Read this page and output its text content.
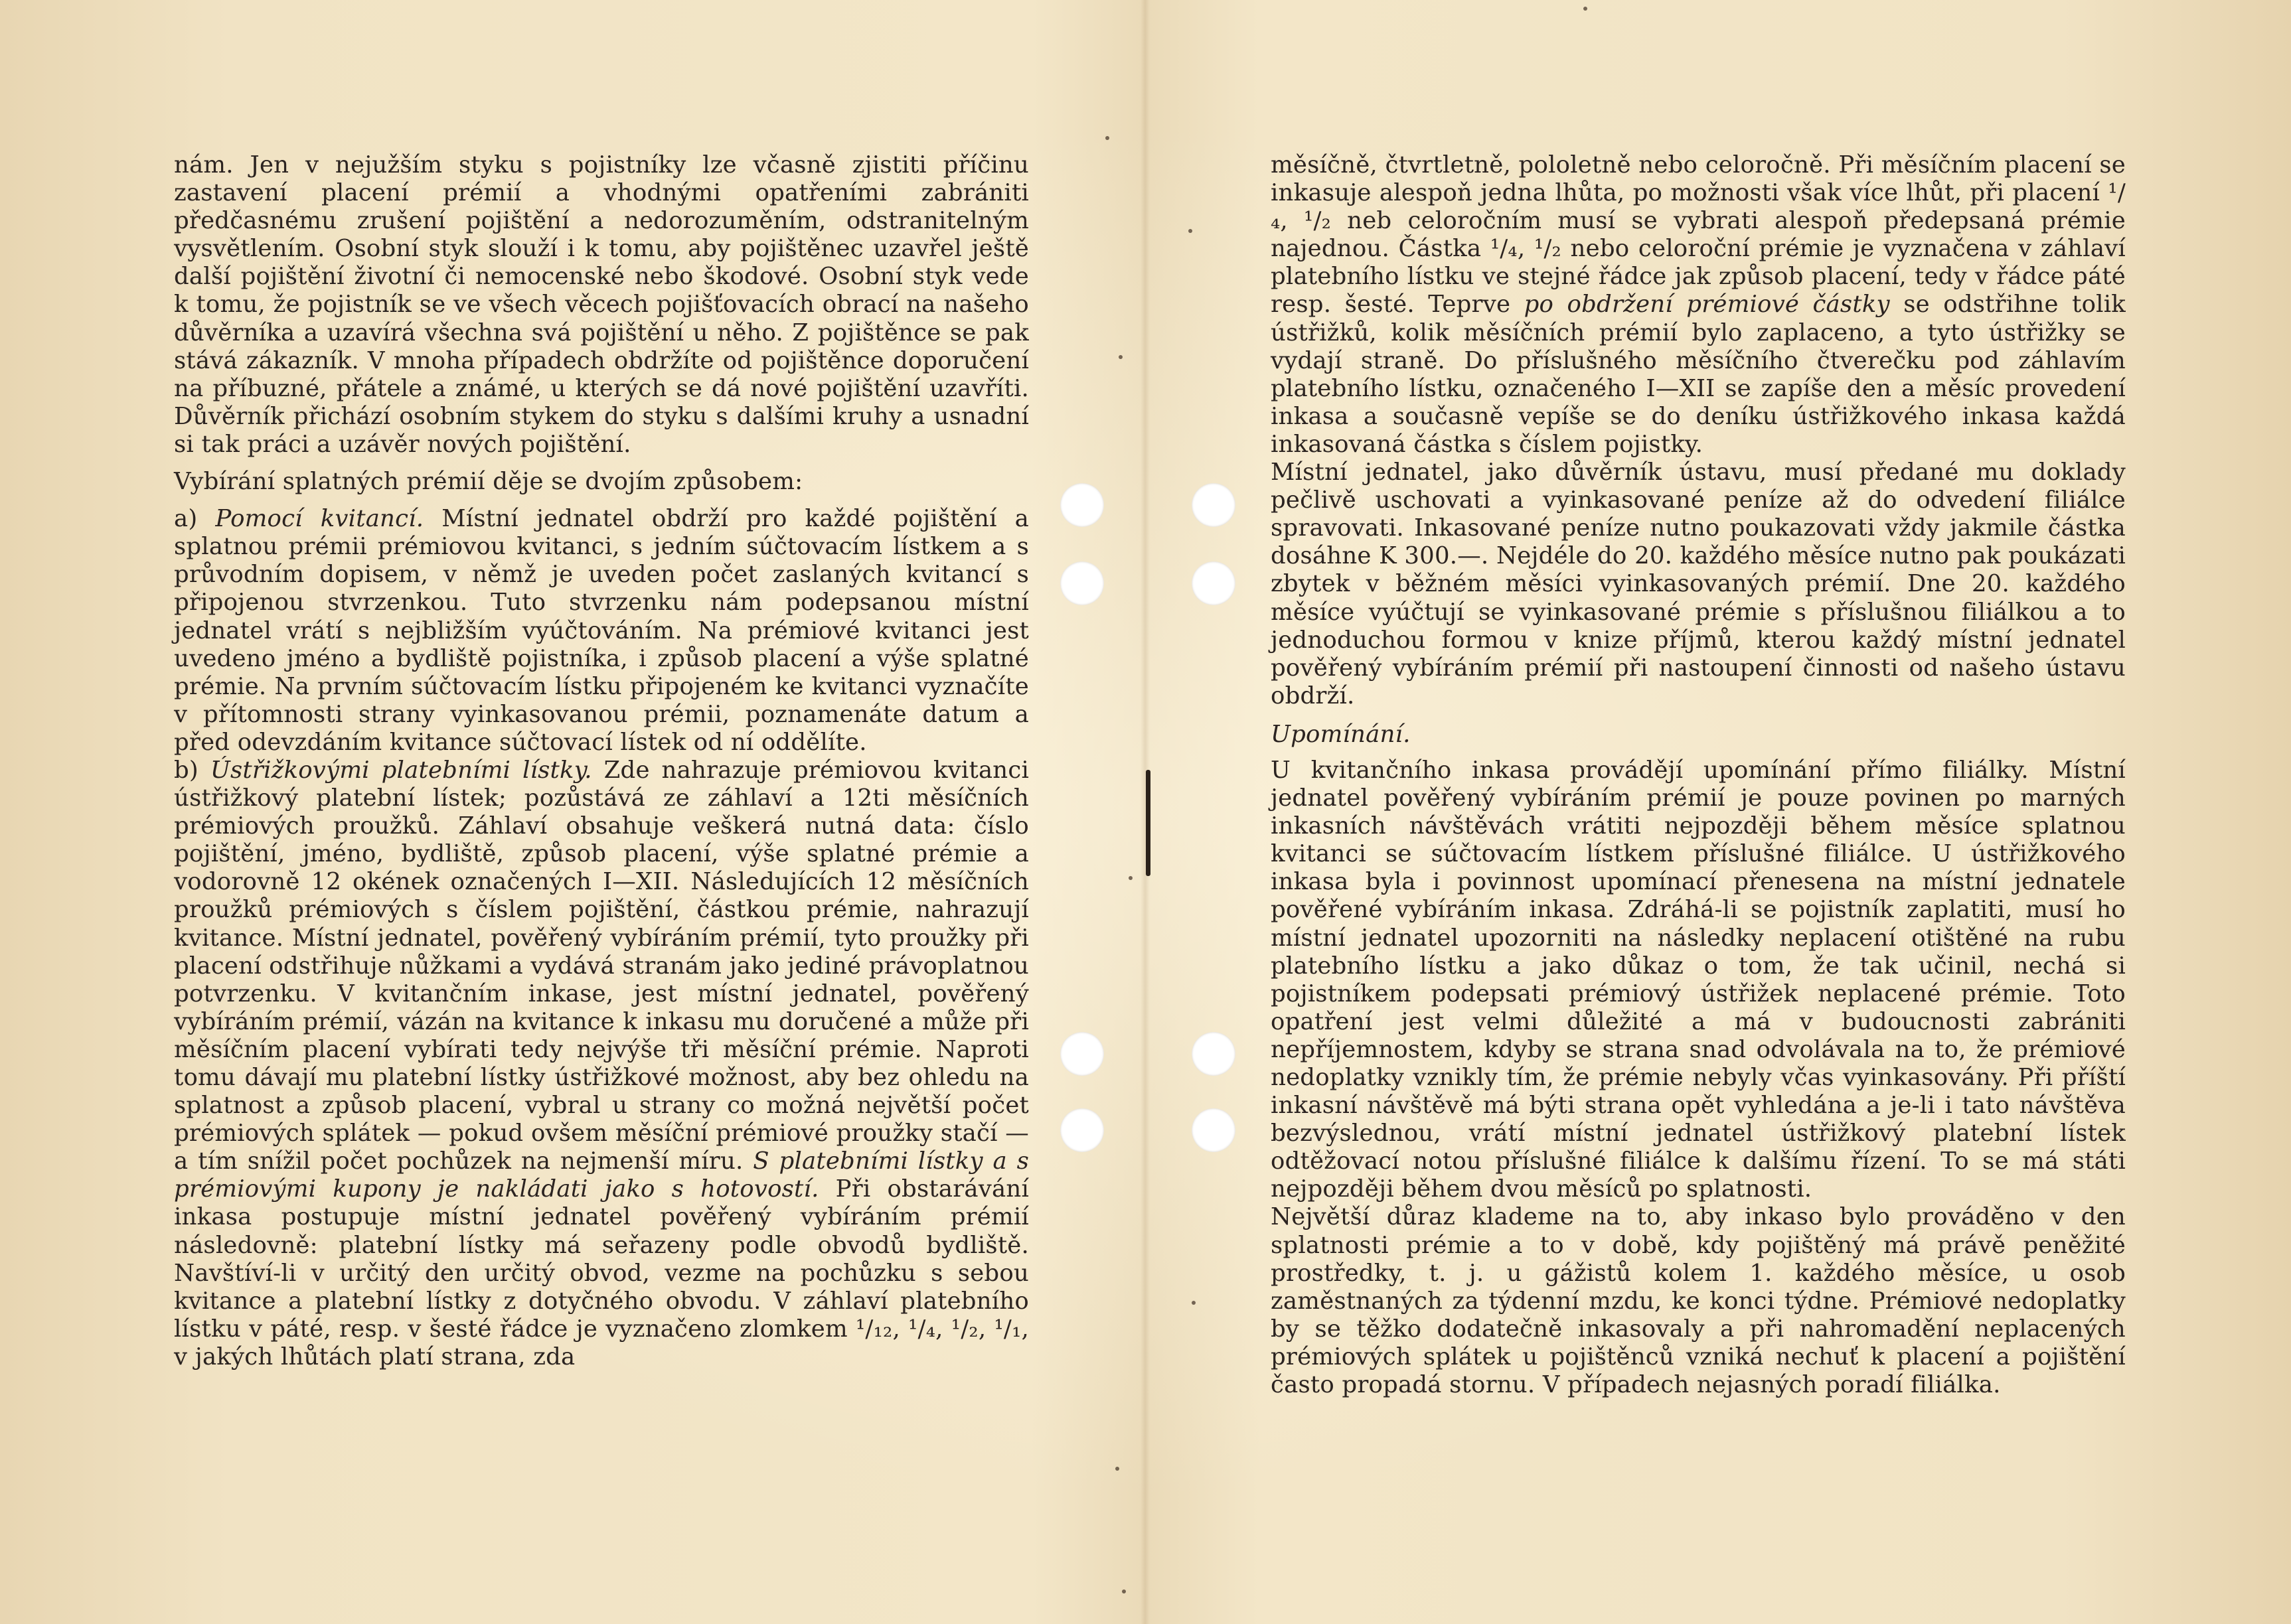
nám. Jen v nejužším styku s pojistníky lze včasně zjistiti příčinu zastavení placení prémií a vhodnými opatřeními zabrániti předčasnému zrušení pojištění a nedorozuměním, odstranitelným vysvětlením. Osobní styk slouží i k tomu, aby pojištěnec uzavřel ještě další pojištění životní či nemocenské nebo škodové. Osobní styk vede k tomu, že pojistník se ve všech věcech pojišťovacích obrací na našeho důvěrníka a uzavírá všechna svá pojištění u něho. Z pojištěnce se pak stává zákazník. V mnoha případech obdržíte od pojištěnce doporučení na příbuzné, přátele a známé, u kterých se dá nové pojištění uzavříti. Důvěrník přichází osobním stykem do styku s dalšími kruhy a usnadní si tak práci a uzávěr nových pojištění.

Vybírání splatných prémií děje se dvojím způsobem:

a) Pomocí kvitancí. Místní jednatel obdrží pro každé pojištění a splatnou prémii prémiovou kvitanci, s jedním súčtovacím lístkem a s průvodním dopisem, v němž je uveden počet zaslaných kvitancí s připojenou stvrzenkou. Tuto stvrzenku nám podepsanou místní jednatel vrátí s nejbližším vyúčtováním. Na prémiové kvitanci jest uvedeno jméno a bydliště pojistníka, i způsob placení a výše splatné prémie. Na prvním súčtovacím lístku připojeném ke kvitanci vyznačíte v přítomnosti strany vyinkasovanou prémii, poznamenáte datum a před odevzdáním kvitance súčtovací lístek od ní oddělíte.

b) Ústřižkovými platebními lístky. Zde nahrazuje prémiovou kvitanci ústřižkový platební lístek; pozůstává ze záhlaví a 12ti měsíčních prémiových proužků. Záhlaví obsahuje veškerá nutná data: číslo pojištění, jméno, bydliště, způsob placení, výše splatné prémie a vodorovně 12 okének označených I—XII. Následujících 12 měsíčních proužků prémiových s číslem pojištění, částkou prémie, nahrazují kvitance. Místní jednatel, pověřený vybíráním prémií, tyto proužky při placení odstřihuje nůžkami a vydává stranám jako jediné právoplatnou potvrzenku. V kvitančním inkase, jest místní jednatel, pověřený vybíráním prémií, vázán na kvitance k inkasu mu doručené a může při měsíčním placení vybírati tedy nejvýše tři měsíční prémie. Naproti tomu dávají mu platební lístky ústřižkové možnost, aby bez ohledu na splatnost a způsob placení, vybral u strany co možná největší počet prémiových splátek — pokud ovšem měsíční prémiové proužky stačí — a tím snížil počet pochůzek na nejmenší míru. S platebními lístky a s prémiovými kupony je nakládati jako s hotovostí. Při obstarávání inkasa postupuje místní jednatel pověřený vybíráním prémií následovně: platební lístky má seřazeny podle obvodů bydliště. Navštíví-li v určitý den určitý obvod, vezme na pochůzku s sebou kvitance a platební lístky z dotyčného obvodu. V záhlaví platebního lístku v páté, resp. v šesté řádce je vyznačeno zlomkem ¹/₁₂, ¹/₄, ¹/₂, ¹/₁, v jakých lhůtách platí strana, zda

měsíčně, čtvrtletně, pololetně nebo celoročně. Při měsíčním placení se inkasuje alespoň jedna lhůta, po možnosti však více lhůt, při placení ¹/₄, ¹/₂ neb celoročním musí se vybrati alespoň předepsaná prémie najednou. Částka ¹/₄, ¹/₂ nebo celoroční prémie je vyznačena v záhlaví platebního lístku ve stejné řádce jak způsob placení, tedy v řádce páté resp. šesté. Teprve po obdržení prémiové částky se odstřihne tolik ústřižků, kolik měsíčních prémií bylo zaplaceno, a tyto ústřižky se vydají straně. Do příslušného měsíčního čtverečku pod záhlavím platebního lístku, označeného I—XII se zapíše den a měsíc provedení inkasa a současně vepíše se do deníku ústřižkového inkasa každá inkasovaná částka s číslem pojistky.

Místní jednatel, jako důvěrník ústavu, musí předané mu doklady pečlivě uschovati a vyinkasované peníze až do odvedení filiálce spravovati. Inkasované peníze nutno poukazovati vždy jakmile částka dosáhne K 300.—. Nejdéle do 20. každého měsíce nutno pak poukázati zbytek v běžném měsíci vyinkasovaných prémií. Dne 20. každého měsíce vyúčtují se vyinkasované prémie s příslušnou filiálkou a to jednoduchou formou v knize příjmů, kterou každý místní jednatel pověřený vybíráním prémií při nastoupení činnosti od našeho ústavu obdrží.

Upomínání.

U kvitančního inkasa provádějí upomínání přímo filiálky. Místní jednatel pověřený vybíráním prémií je pouze povinen po marných inkasních návštěvách vrátiti nejpozději během měsíce splatnou kvitanci se súčtovacím lístkem příslušné filiálce. U ústřižkového inkasa byla i povinnost upomínací přenesena na místní jednatele pověřené vybíráním inkasa. Zdráhá-li se pojistník zaplatiti, musí ho místní jednatel upozorniti na následky neplacení otištěné na rubu platebního lístku a jako důkaz o tom, že tak učinil, nechá si pojistníkem podepsati prémiový ústřižek neplacené prémie. Toto opatření jest velmi důležité a má v budoucnosti zabrániti nepříjemnostem, kdyby se strana snad odvolávala na to, že prémiové nedoplatky vznikly tím, že prémie nebyly včas vyinkasovány. Při příští inkasní návštěvě má býti strana opět vyhledána a je-li i tato návštěva bezvýslednou, vrátí místní jednatel ústřižkový platební lístek odtěžovací notou příslušné filiálce k dalšímu řízení. To se má státi nejpozději během dvou měsíců po splatnosti.

Největší důraz klademe na to, aby inkaso bylo prováděno v den splatnosti prémie a to v době, kdy pojištěný má právě peněžité prostředky, t. j. u gážistů kolem 1. každého měsíce, u osob zaměstnaných za týdenní mzdu, ke konci týdne. Prémiové nedoplatky by se těžko dodatečně inkasovaly a při nahromadění neplacených prémiových splátek u pojištěnců vzniká nechuť k placení a pojištění často propadá stornu. V případech nejasných poradí filiálka.
